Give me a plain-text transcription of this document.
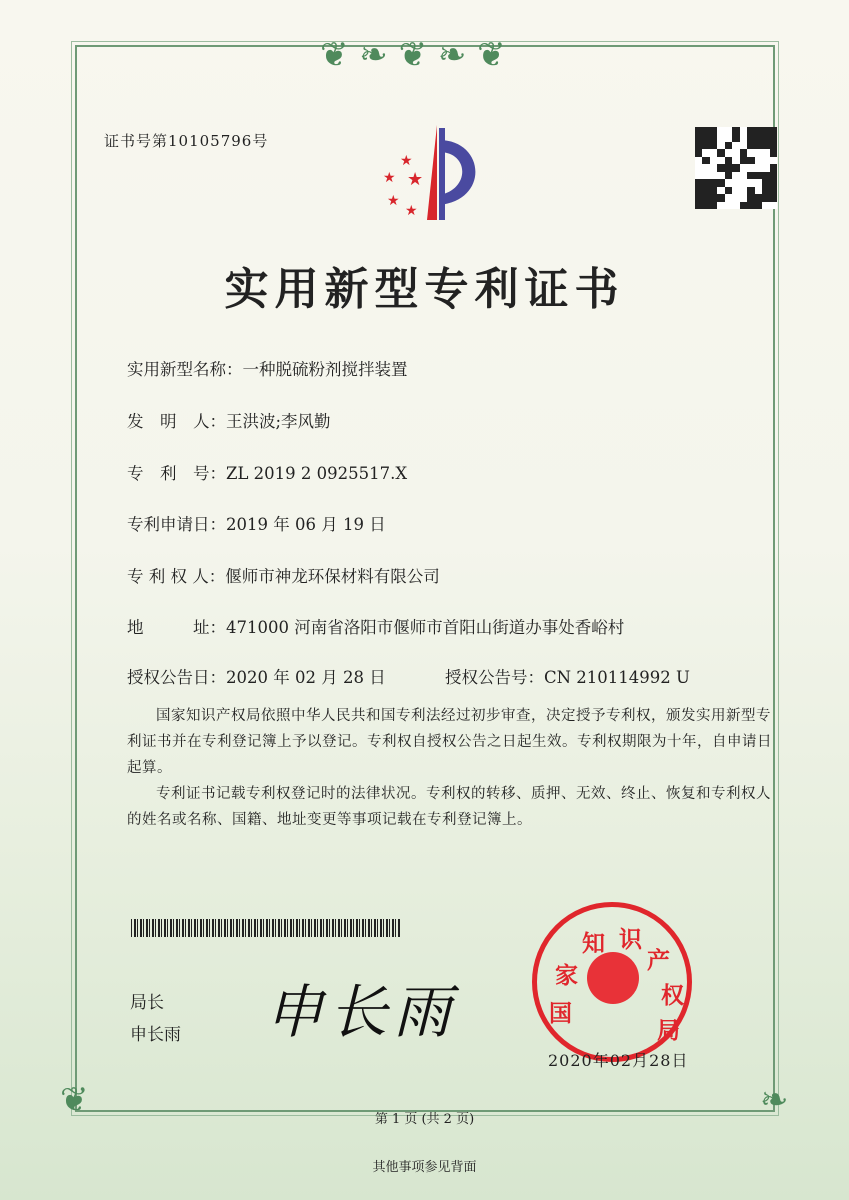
❦ ❧ ❦ ❧ ❦
❦	❧
证书号第10105796号
★
★ ★
★
★
实用新型专利证书
实用新型名称：一种脱硫粉剂搅拌装置
发　明　人：王洪波;李风勤
专　利　号：ZL 2019 2 0925517.X
专利申请日：2019 年 06 月 19 日
专 利 权 人：偃师市神龙环保材料有限公司
地　　　址：471000 河南省洛阳市偃师市首阳山街道办事处香峪村
授权公告日：2020 年 02 月 28 日	授权公告号：CN 210114992 U
国家知识产权局依照中华人民共和国专利法经过初步审查，决定授予专利权，颁发实用新型专利证书并在专利登记簿上予以登记。专利权自授权公告之日起生效。专利权期限为十年，自申请日起算。
专利证书记载专利权登记时的法律状况。专利权的转移、质押、无效、终止、恢复和专利权人的姓名或名称、国籍、地址变更等事项记载在专利登记簿上。
局长
申长雨 申长雨	国
家
知 识
产
权
局
2020年02月28日
第 1 页 (共 2 页)
其他事项参见背面
